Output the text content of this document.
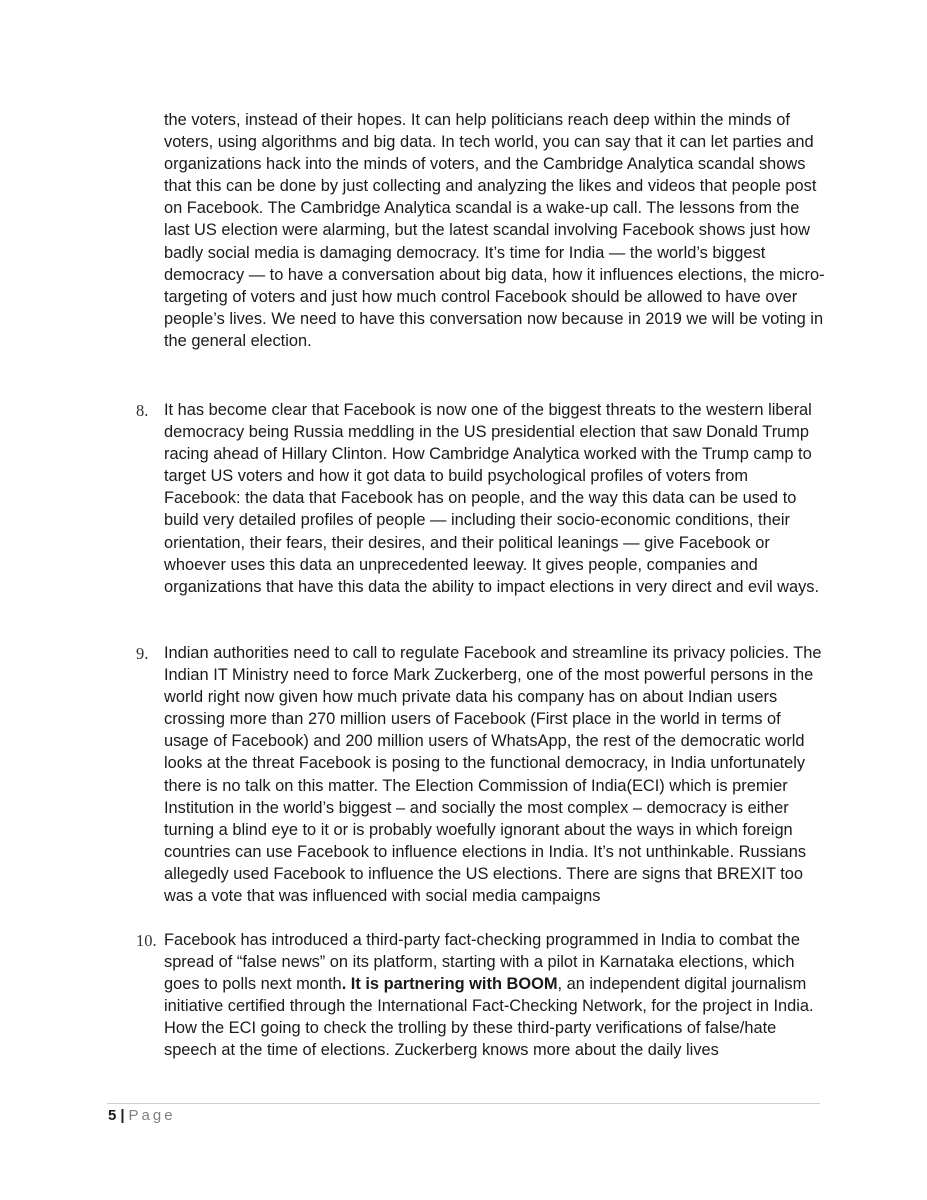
the voters, instead of their hopes. It can help politicians reach deep within the minds of voters, using algorithms and big data. In tech world, you can say that it can let parties and organizations hack into the minds of voters, and the Cambridge Analytica scandal shows that this can be done by just collecting and analyzing the likes and videos that people post on Facebook. The Cambridge Analytica scandal is a wake-up call. The lessons from the last US election were alarming, but the latest scandal involving Facebook shows just how badly social media is damaging democracy. It’s time for India — the world’s biggest democracy — to have a conversation about big data, how it influences elections, the micro-targeting of voters and just how much control Facebook should be allowed to have over people’s lives. We need to have this conversation now because in 2019 we will be voting in the general election.

8. It has become clear that Facebook is now one of the biggest threats to the western liberal democracy being Russia meddling in the US presidential election that saw Donald Trump racing ahead of Hillary Clinton. How Cambridge Analytica worked with the Trump camp to target US voters and how it got data to build psychological profiles of voters from Facebook: the data that Facebook has on people, and the way this data can be used to build very detailed profiles of people — including their socio-economic conditions, their orientation, their fears, their desires, and their political leanings — give Facebook or whoever uses this data an unprecedented leeway. It gives people, companies and organizations that have this data the ability to impact elections in very direct and evil ways.

9. Indian authorities need to call to regulate Facebook and streamline its privacy policies. The Indian IT Ministry need to force Mark Zuckerberg, one of the most powerful persons in the world right now given how much private data his company has on about Indian users crossing more than 270 million users of Facebook (First place in the world in terms of usage of Facebook) and 200 million users of WhatsApp, the rest of the democratic world looks at the threat Facebook is posing to the functional democracy, in India unfortunately there is no talk on this matter. The Election Commission of India(ECI) which is premier Institution in the world’s biggest – and socially the most complex – democracy is either turning a blind eye to it or is probably woefully ignorant about the ways in which foreign countries can use Facebook to influence elections in India. It’s not unthinkable. Russians allegedly used Facebook to influence the US elections. There are signs that BREXIT too was a vote that was influenced with social media campaigns

10. Facebook has introduced a third-party fact-checking programmed in India to combat the spread of “false news” on its platform, starting with a pilot in Karnataka elections, which goes to polls next month. It is partnering with BOOM, an independent digital journalism initiative certified through the International Fact-Checking Network, for the project in India. How the ECI going to check the trolling by these third-party verifications of false/hate speech at the time of elections. Zuckerberg knows more about the daily lives

5 | Page
